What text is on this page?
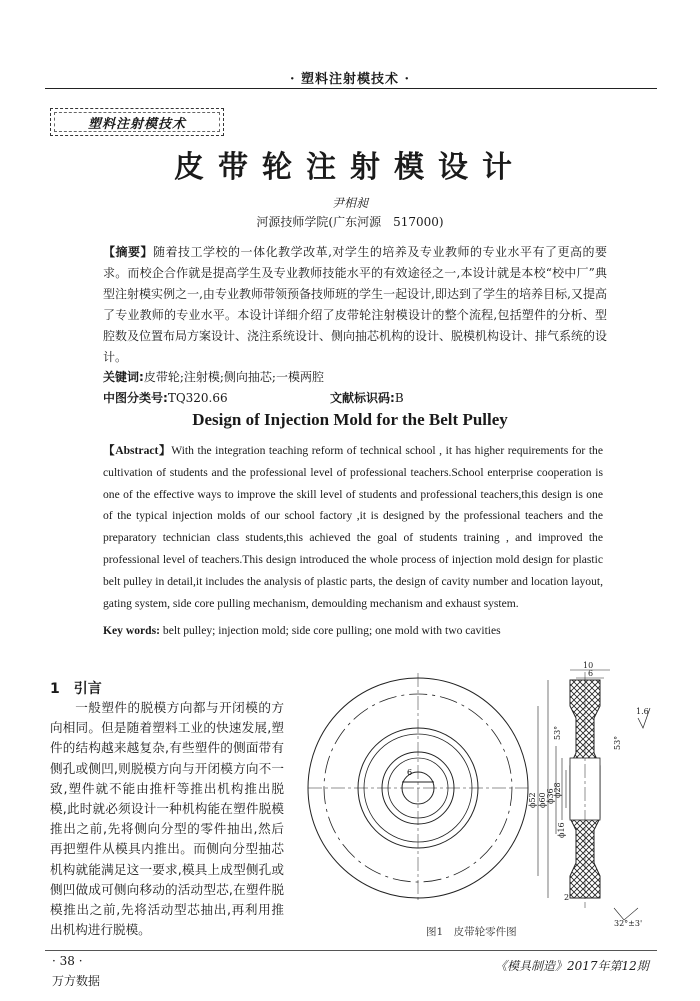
· 塑料注射模技术 ·
塑料注射模技术
皮带轮注射模设计
尹相昶
河源技师学院(广东河源　517000)
【摘要】随着技工学校的一体化教学改革,对学生的培养及专业教师的专业水平有了更高的要求。而校企合作就是提高学生及专业教师技能水平的有效途径之一,本设计就是本校“校中厂”典型注射模实例之一,由专业教师带领预备技师班的学生一起设计,即达到了学生的培养目标,又提高了专业教师的专业水平。本设计详细介绍了皮带轮注射模设计的整个流程,包括塑件的分析、型腔数及位置布局方案设计、浇注系统设计、侧向抽芯机构的设计、脱模机构设计、排气系统的设计。
关键词:皮带轮;注射模;侧向抽芯;一模两腔
中图分类号:TQ320.66	文献标识码:B
Design of Injection Mold for the Belt Pulley
【Abstract】With the integration teaching reform of technical school , it has higher requirements for the cultivation of students and the professional level of professional teachers.School enterprise cooperation is one of the effective ways to improve the skill level of students and professional teachers,this design is one of the typical injection molds of our school factory ,it is designed by the professional teachers and the preparatory technician class students,this achieved the goal of students training , and improved the professional level of teachers.This design introduced the whole process of injection mold design for plastic belt pulley in detail,it includes the analysis of plastic parts, the design of cavity number and location layout, gating system, side core pulling mechanism, demoulding mechanism and exhaust system.
Key words: belt pulley; injection mold; side core pulling; one mold with two cavities
1　引言

一般塑件的脱模方向都与开闭模的方向相同。但是随着塑料工业的快速发展,塑件的结构越来越复杂,有些塑件的侧面带有侧孔或侧凹,则脱模方向与开闭模方向不一致,塑件就不能由推杆等推出机构推出脱模,此时就必须设计一种机构能在塑件脱模推出之前,先将侧向分型的零件抽出,然后再把塑件从模具内推出。而侧向分型抽芯机构就能满足这一要求,模具上成型侧孔或侧凹做成可侧向移动的活动型芯,在塑件脱模推出之前,先将活动型芯抽出,再利用推出机构进行脱模。

6
10
6
1.6
53°
53°
ϕ60
ϕ52 ϕ36
ϕ28
ϕ16
2
32°±3'
图1　皮带轮零件图
· 38 ·	《模具制造》2017年第12期
万方数据
